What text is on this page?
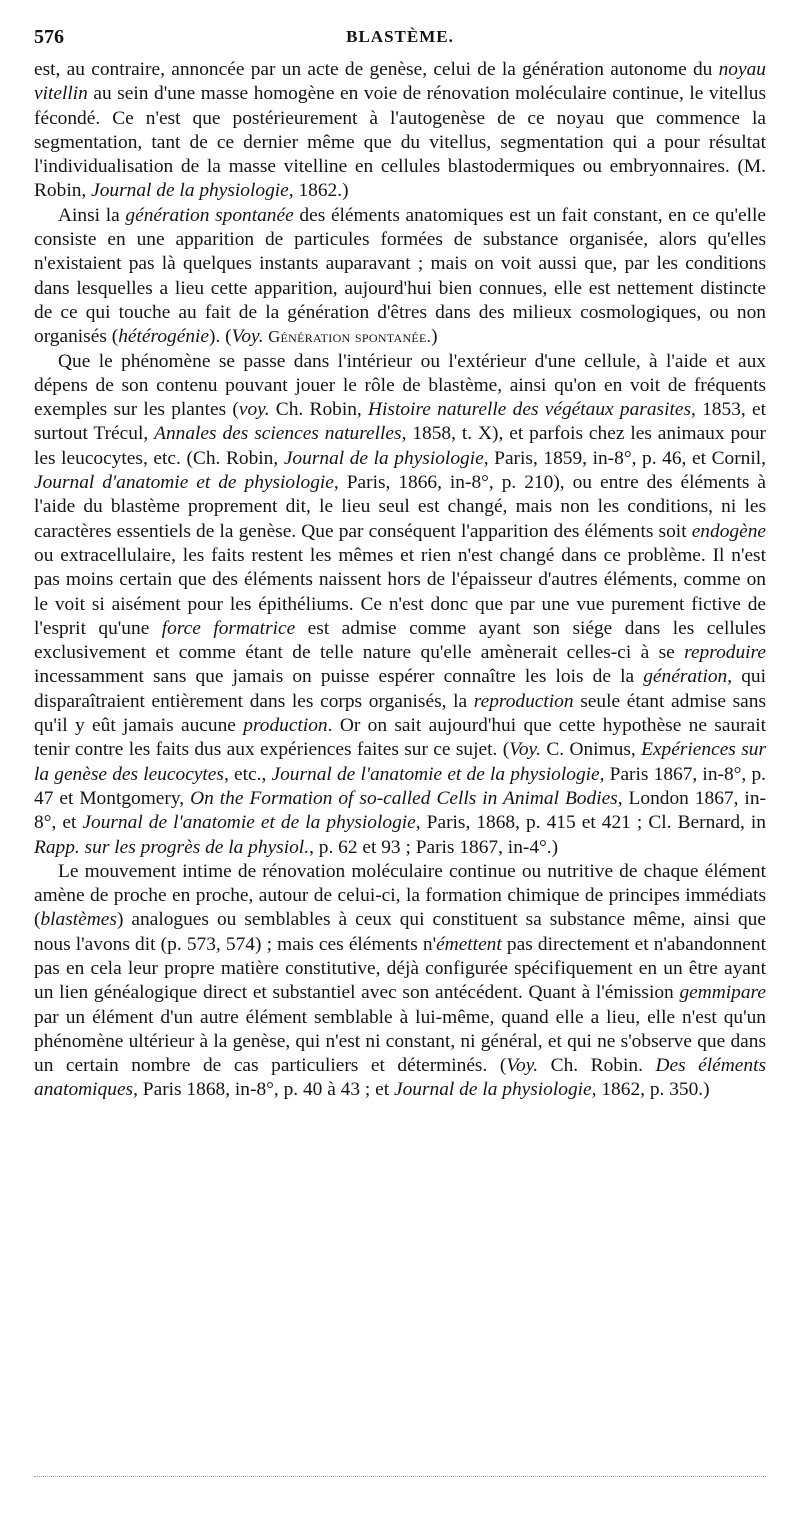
576	BLASTÈME.

est, au contraire, annoncée par un acte de genèse, celui de la génération autonome du noyau vitellin au sein d'une masse homogène en voie de rénovation moléculaire continue, le vitellus fécondé. Ce n'est que postérieurement à l'autogenèse de ce noyau que commence la segmentation, tant de ce dernier même que du vitellus, segmentation qui a pour résultat l'individualisation de la masse vitelline en cellules blastodermiques ou embryonnaires. (M. Robin, Journal de la physiologie, 1862.)

Ainsi la génération spontanée des éléments anatomiques est un fait constant, en ce qu'elle consiste en une apparition de particules formées de substance organisée, alors qu'elles n'existaient pas là quelques instants auparavant ; mais on voit aussi que, par les conditions dans lesquelles a lieu cette apparition, aujourd'hui bien connues, elle est nettement distincte de ce qui touche au fait de la génération d'êtres dans des milieux cosmologiques, ou non organisés (hétérogénie). (Voy. Génération spontanée.)

Que le phénomène se passe dans l'intérieur ou l'extérieur d'une cellule, à l'aide et aux dépens de son contenu pouvant jouer le rôle de blastème, ainsi qu'on en voit de fréquents exemples sur les plantes (voy. Ch. Robin, Histoire naturelle des végétaux parasites, 1853, et surtout Trécul, Annales des sciences naturelles, 1858, t. X), et parfois chez les animaux pour les leucocytes, etc. (Ch. Robin, Journal de la physiologie, Paris, 1859, in-8°, p. 46, et Cornil, Journal d'anatomie et de physiologie, Paris, 1866, in-8°, p. 210), ou entre des éléments à l'aide du blastème proprement dit, le lieu seul est changé, mais non les conditions, ni les caractères essentiels de la genèse. Que par conséquent l'apparition des éléments soit endogène ou extracellulaire, les faits restent les mêmes et rien n'est changé dans ce problème. Il n'est pas moins certain que des éléments naissent hors de l'épaisseur d'autres éléments, comme on le voit si aisément pour les épithéliums. Ce n'est donc que par une vue purement fictive de l'esprit qu'une force formatrice est admise comme ayant son siége dans les cellules exclusivement et comme étant de telle nature qu'elle amènerait celles-ci à se reproduire incessamment sans que jamais on puisse espérer connaître les lois de la génération, qui disparaîtraient entièrement dans les corps organisés, la reproduction seule étant admise sans qu'il y eût jamais aucune production. Or on sait aujourd'hui que cette hypothèse ne saurait tenir contre les faits dus aux expériences faites sur ce sujet. (Voy. C. Onimus, Expériences sur la genèse des leucocytes, etc., Journal de l'anatomie et de la physiologie, Paris 1867, in-8°, p. 47 et Montgomery, On the Formation of so-called Cells in Animal Bodies, London 1867, in-8°, et Journal de l'anatomie et de la physiologie, Paris, 1868, p. 415 et 421 ; Cl. Bernard, in Rapp. sur les progrès de la physiol., p. 62 et 93 ; Paris 1867, in-4°.)

Le mouvement intime de rénovation moléculaire continue ou nutritive de chaque élément amène de proche en proche, autour de celui-ci, la formation chimique de principes immédiats (blastèmes) analogues ou semblables à ceux qui constituent sa substance même, ainsi que nous l'avons dit (p. 573, 574) ; mais ces éléments n'émettent pas directement et n'abandonnent pas en cela leur propre matière constitutive, déjà configurée spécifiquement en un être ayant un lien généalogique direct et substantiel avec son antécédent. Quant à l'émission gemmipare par un élément d'un autre élément semblable à lui-même, quand elle a lieu, elle n'est qu'un phénomène ultérieur à la genèse, qui n'est ni constant, ni général, et qui ne s'observe que dans un certain nombre de cas particuliers et déterminés. (Voy. Ch. Robin. Des éléments anatomiques, Paris 1868, in-8°, p. 40 à 43 ; et Journal de la physiologie, 1862, p. 350.)
